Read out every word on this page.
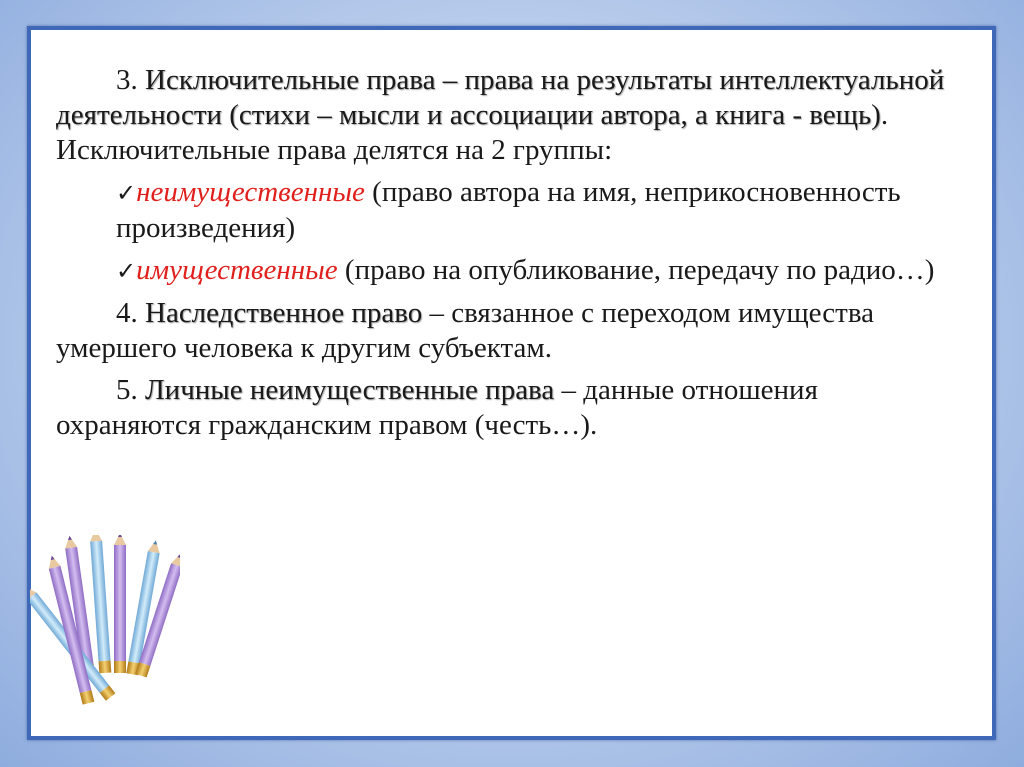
3. Исключительные права – права на результаты интеллектуальной деятельности (стихи – мысли и ассоциации автора, а книга - вещь). Исключительные права делятся на 2 группы:

✓неимущественные (право автора на имя, неприкосновенность произведения)

✓имущественные (право на опубликование, передачу по радио…)

4. Наследственное право – связанное с переходом имущества умершего человека к другим субъектам.

5. Личные неимущественные права – данные отношения охраняются гражданским правом (честь…).
